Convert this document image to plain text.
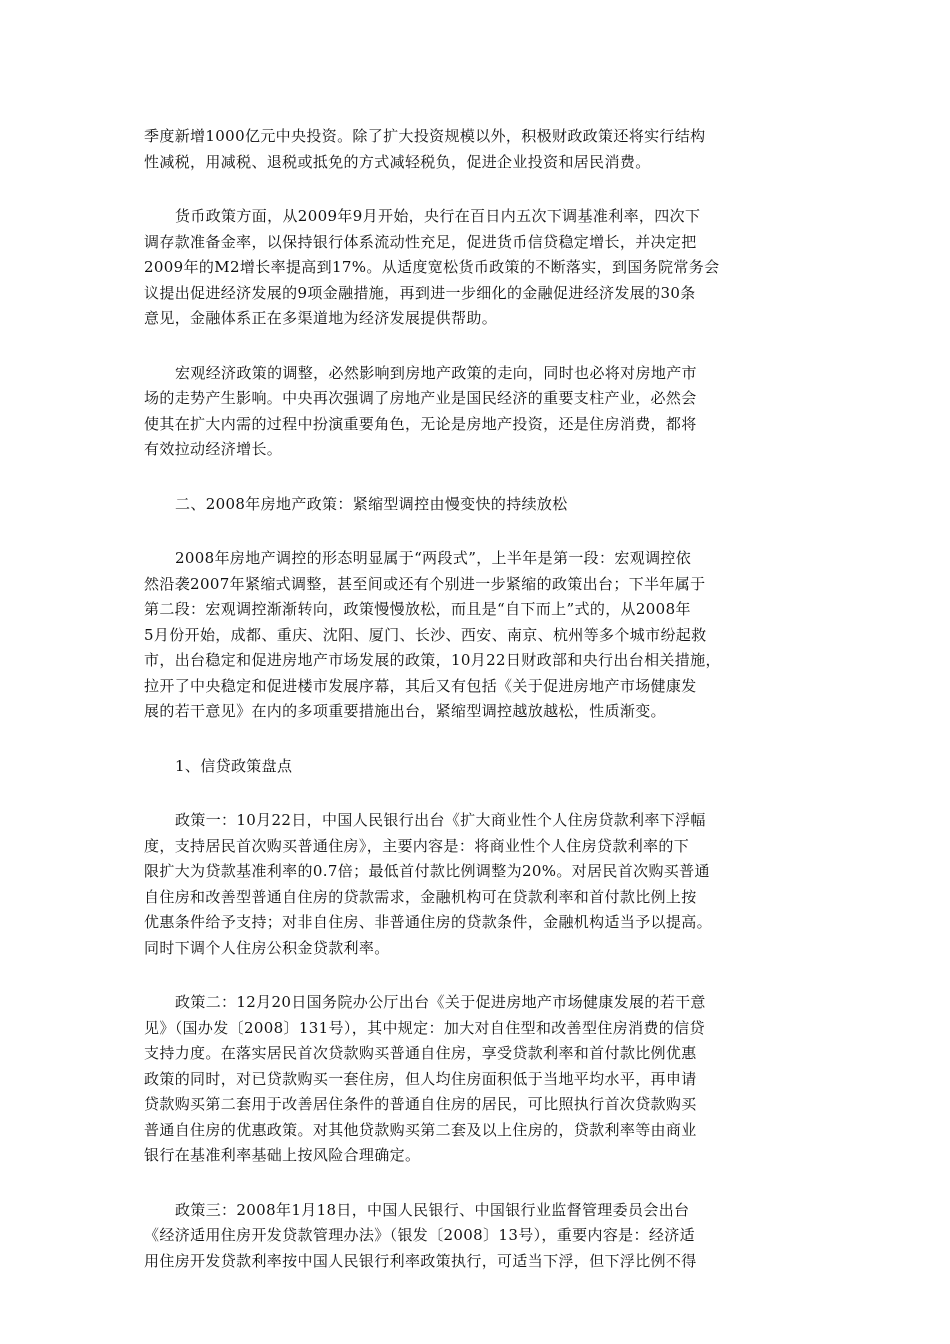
季度新增1000亿元中央投资。除了扩大投资规模以外，积极财政政策还将实行结构
性减税，用减税、退税或抵免的方式减轻税负，促进企业投资和居民消费。

货币政策方面，从2009年9月开始，央行在百日内五次下调基准利率，四次下
调存款准备金率，以保持银行体系流动性充足，促进货币信贷稳定增长，并决定把
2009年的M2增长率提高到17%。从适度宽松货币政策的不断落实，到国务院常务会
议提出促进经济发展的9项金融措施，再到进一步细化的金融促进经济发展的30条
意见，金融体系正在多渠道地为经济发展提供帮助。

宏观经济政策的调整，必然影响到房地产政策的走向，同时也必将对房地产市
场的走势产生影响。中央再次强调了房地产业是国民经济的重要支柱产业，必然会
使其在扩大内需的过程中扮演重要角色，无论是房地产投资，还是住房消费，都将
有效拉动经济增长。

二、2008年房地产政策：紧缩型调控由慢变快的持续放松

2008年房地产调控的形态明显属于“两段式”，上半年是第一段：宏观调控依
然沿袭2007年紧缩式调整，甚至间或还有个别进一步紧缩的政策出台；下半年属于
第二段：宏观调控渐渐转向，政策慢慢放松，而且是“自下而上”式的，从2008年
5月份开始，成都、重庆、沈阳、厦门、长沙、西安、南京、杭州等多个城市纷起救
市，出台稳定和促进房地产市场发展的政策，10月22日财政部和央行出台相关措施，
拉开了中央稳定和促进楼市发展序幕，其后又有包括《关于促进房地产市场健康发
展的若干意见》在内的多项重要措施出台，紧缩型调控越放越松，性质渐变。

1、信贷政策盘点

政策一：10月22日，中国人民银行出台《扩大商业性个人住房贷款利率下浮幅
度，支持居民首次购买普通住房》，主要内容是：将商业性个人住房贷款利率的下
限扩大为贷款基准利率的0.7倍；最低首付款比例调整为20%。对居民首次购买普通
自住房和改善型普通自住房的贷款需求，金融机构可在贷款利率和首付款比例上按
优惠条件给予支持；对非自住房、非普通住房的贷款条件，金融机构适当予以提高。
同时下调个人住房公积金贷款利率。

政策二：12月20日国务院办公厅出台《关于促进房地产市场健康发展的若干意
见》（国办发〔2008〕131号），其中规定：加大对自住型和改善型住房消费的信贷
支持力度。在落实居民首次贷款购买普通自住房，享受贷款利率和首付款比例优惠
政策的同时，对已贷款购买一套住房，但人均住房面积低于当地平均水平，再申请
贷款购买第二套用于改善居住条件的普通自住房的居民，可比照执行首次贷款购买
普通自住房的优惠政策。对其他贷款购买第二套及以上住房的，贷款利率等由商业
银行在基准利率基础上按风险合理确定。

政策三：2008年1月18日，中国人民银行、中国银行业监督管理委员会出台
《经济适用住房开发贷款管理办法》（银发〔2008〕13号），重要内容是：经济适
用住房开发贷款利率按中国人民银行利率政策执行，可适当下浮，但下浮比例不得
